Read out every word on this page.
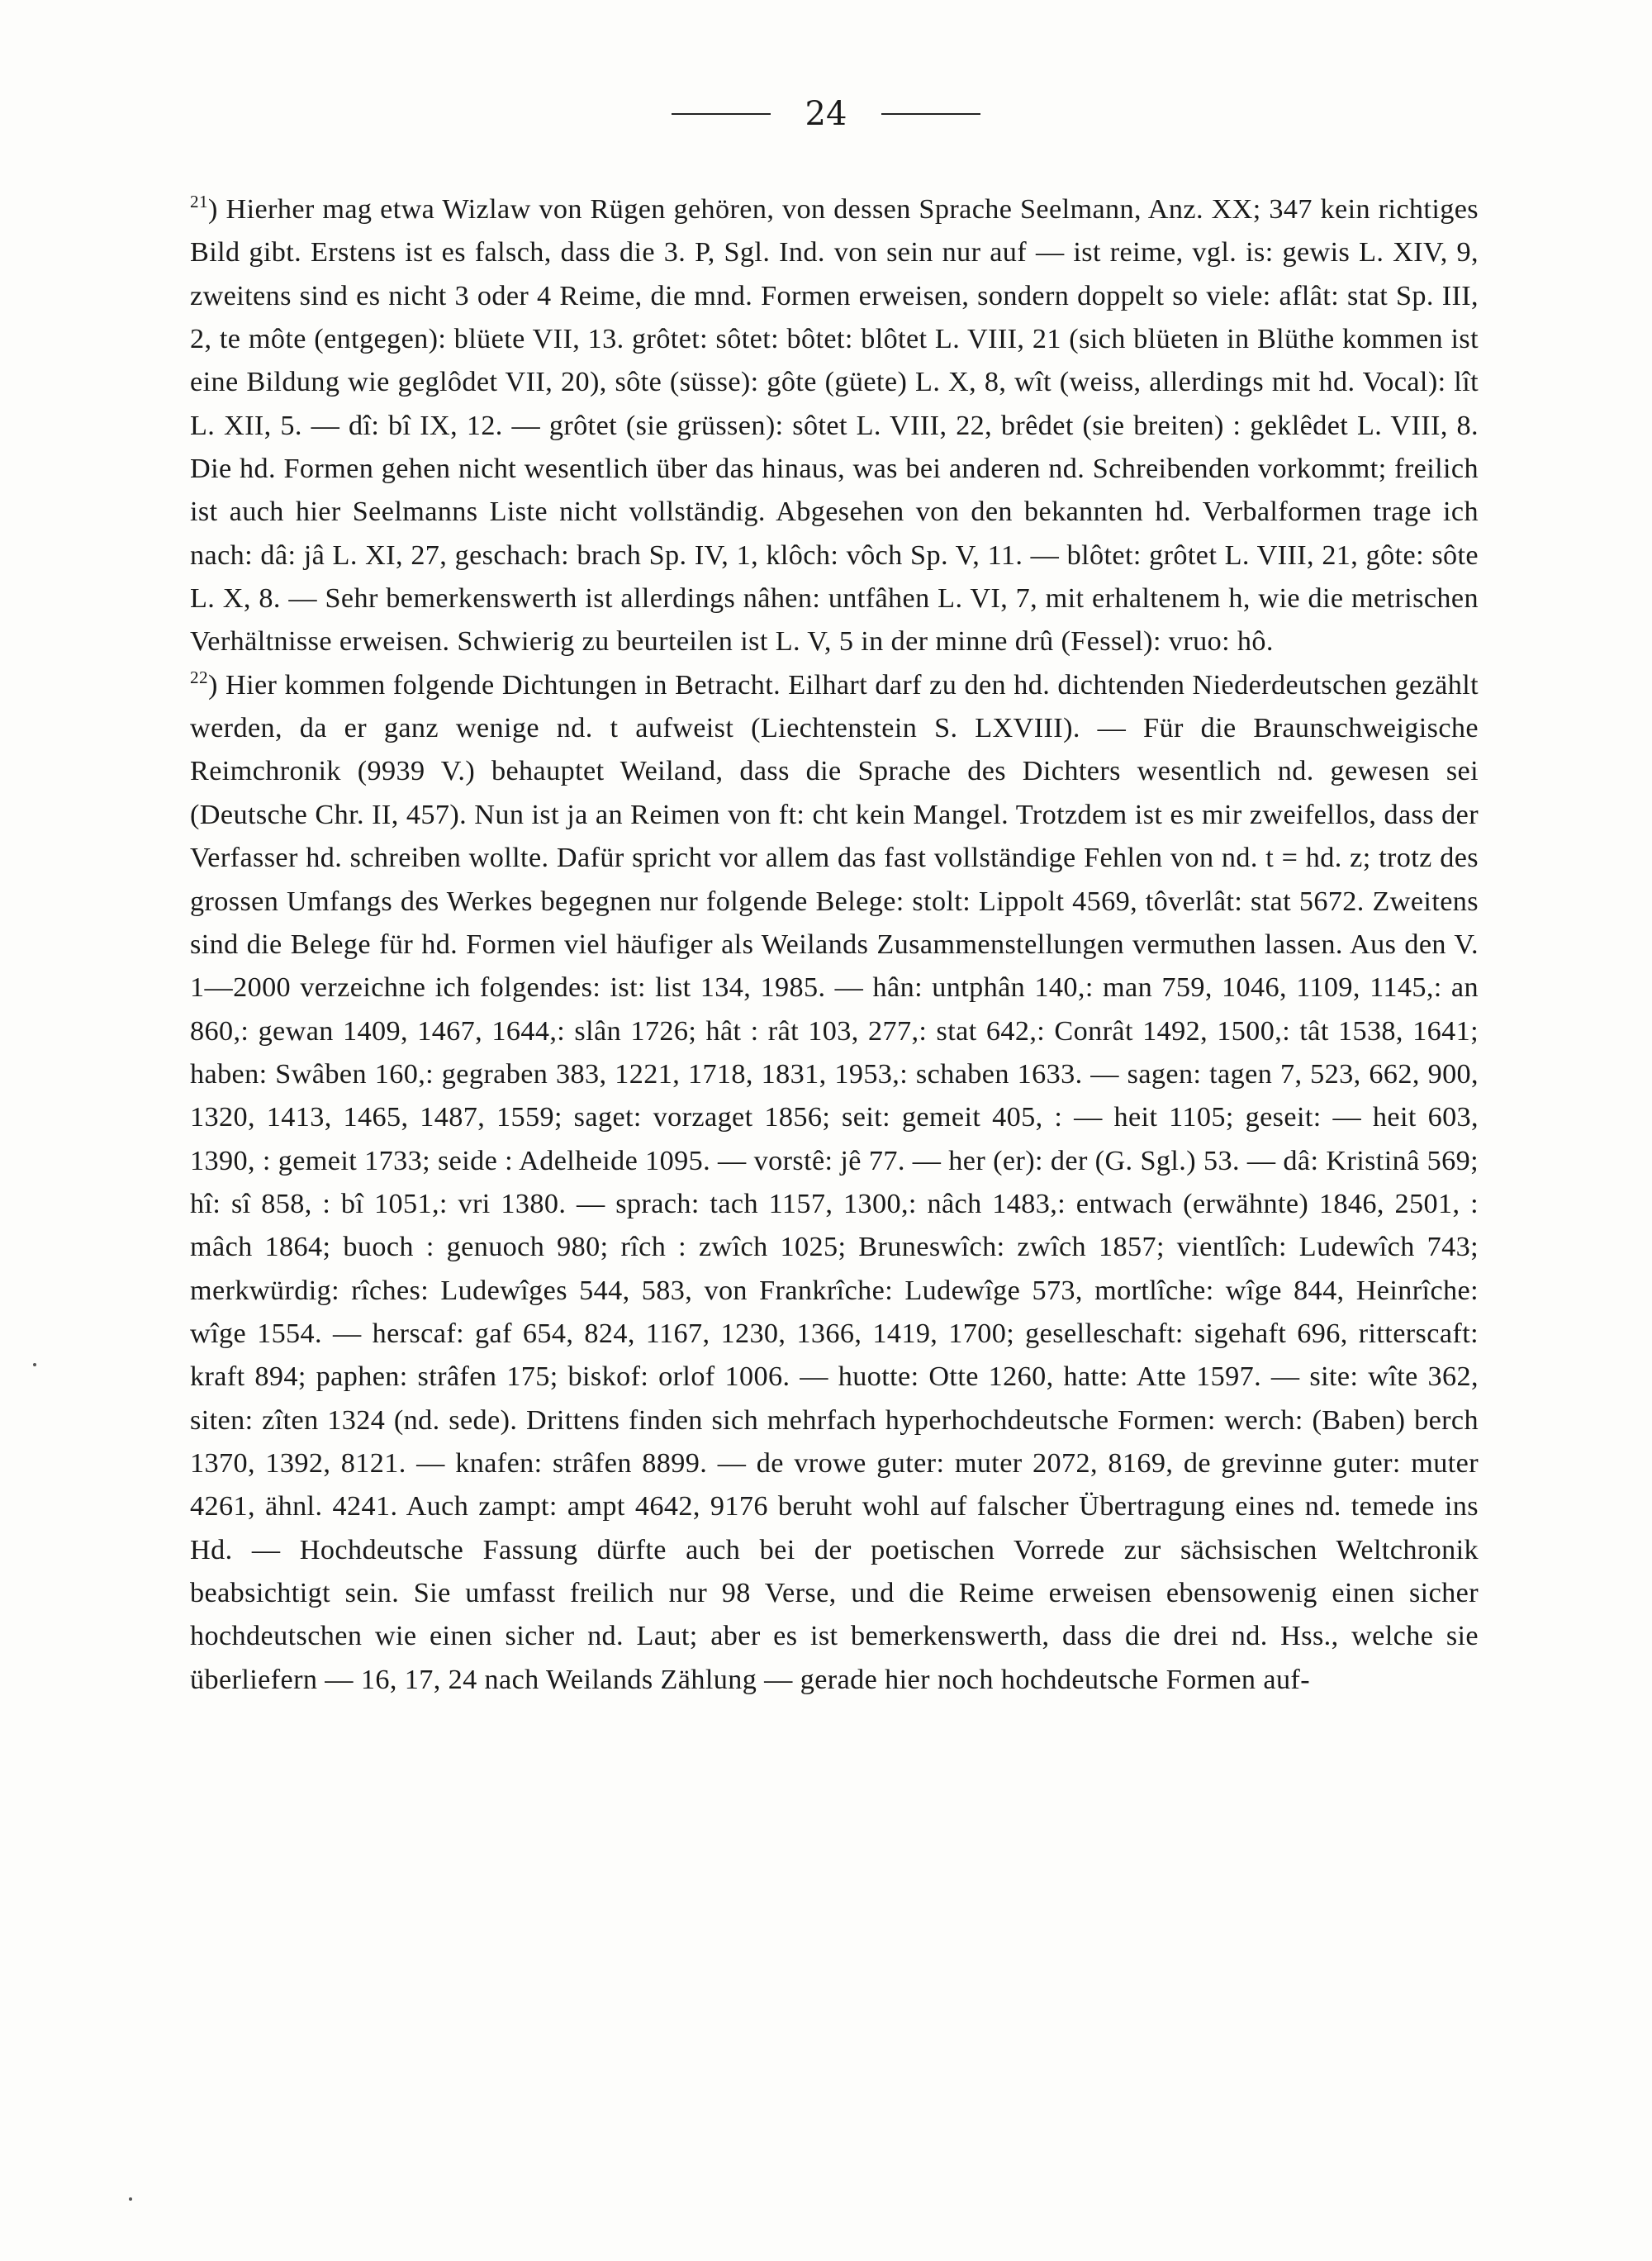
24

$^{21}$) Hierher mag etwa Wizlaw von Rügen gehören, von dessen Sprache Seelmann, Anz. XX; 347 kein richtiges Bild gibt. Erstens ist es falsch, dass die 3. P, Sgl. Ind. von sein nur auf — ist reime, vgl. is: gewis L. XIV, 9, zweitens sind es nicht 3 oder 4 Reime, die mnd. Formen erweisen, sondern doppelt so viele: aflât: stat Sp. III, 2, te môte (entgegen): blüete VII, 13. grôtet: sôtet: bôtet: blôtet L. VIII, 21 (sich blüeten in Blüthe kommen ist eine Bildung wie geglôdet VII, 20), sôte (süsse): gôte (güete) L. X, 8, wît (weiss, allerdings mit hd. Vocal): lît L. XII, 5. — dî: bî IX, 12. — grôtet (sie grüssen): sôtet L. VIII, 22, brêdet (sie breiten) : geklêdet L. VIII, 8. Die hd. Formen gehen nicht wesentlich über das hinaus, was bei anderen nd. Schreibenden vorkommt; freilich ist auch hier Seelmanns Liste nicht vollständig. Abgesehen von den bekannten hd. Verbalformen trage ich nach: dâ: jâ L. XI, 27, geschach: brach Sp. IV, 1, klôch: vôch Sp. V, 11. — blôtet: grôtet L. VIII, 21, gôte: sôte L. X, 8. — Sehr bemerkenswerth ist allerdings nâhen: untfâhen L. VI, 7, mit erhaltenem h, wie die metrischen Verhältnisse erweisen. Schwierig zu beurteilen ist L. V, 5 in der minne drû (Fessel): vruo: hô.

$^{22}$) Hier kommen folgende Dichtungen in Betracht. Eilhart darf zu den hd. dichtenden Niederdeutschen gezählt werden, da er ganz wenige nd. t aufweist (Liechtenstein S. LXVIII). — Für die Braunschweigische Reimchronik (9939 V.) behauptet Weiland, dass die Sprache des Dichters wesentlich nd. gewesen sei (Deutsche Chr. II, 457). Nun ist ja an Reimen von ft: cht kein Mangel. Trotzdem ist es mir zweifellos, dass der Verfasser hd. schreiben wollte. Dafür spricht vor allem das fast vollständige Fehlen von nd. t = hd. z; trotz des grossen Umfangs des Werkes begegnen nur folgende Belege: stolt: Lippolt 4569, tôverlât: stat 5672. Zweitens sind die Belege für hd. Formen viel häufiger als Weilands Zusammenstellungen vermuthen lassen. Aus den V. 1—2000 verzeichne ich folgendes: ist: list 134, 1985. — hân: untphân 140,: man 759, 1046, 1109, 1145,: an 860,: gewan 1409, 1467, 1644,: slân 1726; hât : rât 103, 277,: stat 642,: Conrât 1492, 1500,: tât 1538, 1641; haben: Swâben 160,: gegraben 383, 1221, 1718, 1831, 1953,: schaben 1633. — sagen: tagen 7, 523, 662, 900, 1320, 1413, 1465, 1487, 1559; saget: vorzaget 1856; seit: gemeit 405, : — heit 1105; geseit: — heit 603, 1390, : gemeit 1733; seide : Adelheide 1095. — vorstê: jê 77. — her (er): der (G. Sgl.) 53. — dâ: Kristinâ 569; hî: sî 858, : bî 1051,: vri 1380. — sprach: tach 1157, 1300,: nâch 1483,: entwach (erwähnte) 1846, 2501, : mâch 1864; buoch : genuoch 980; rîch : zwîch 1025; Bruneswîch: zwîch 1857; vientlîch: Ludewîch 743; merkwürdig: rîches: Ludewîges 544, 583, von Frankrîche: Ludewîge 573, mortlîche: wîge 844, Heinrîche: wîge 1554. — herscaf: gaf 654, 824, 1167, 1230, 1366, 1419, 1700; geselleschaft: sigehaft 696, ritterscaft: kraft 894; paphen: strâfen 175; biskof: orlof 1006. — huotte: Otte 1260, hatte: Atte 1597. — site: wîte 362, siten: zîten 1324 (nd. sede). Drittens finden sich mehrfach hyperhochdeutsche Formen: werch: (Baben) berch 1370, 1392, 8121. — knafen: strâfen 8899. — de vrowe guter: muter 2072, 8169, de grevinne guter: muter 4261, ähnl. 4241. Auch zampt: ampt 4642, 9176 beruht wohl auf falscher Übertragung eines nd. temede ins Hd. — Hochdeutsche Fassung dürfte auch bei der poetischen Vorrede zur sächsischen Weltchronik beabsichtigt sein. Sie umfasst freilich nur 98 Verse, und die Reime erweisen ebensowenig einen sicher hochdeutschen wie einen sicher nd. Laut; aber es ist bemerkenswerth, dass die drei nd. Hss., welche sie überliefern — 16, 17, 24 nach Weilands Zählung — gerade hier noch hochdeutsche Formen auf-
